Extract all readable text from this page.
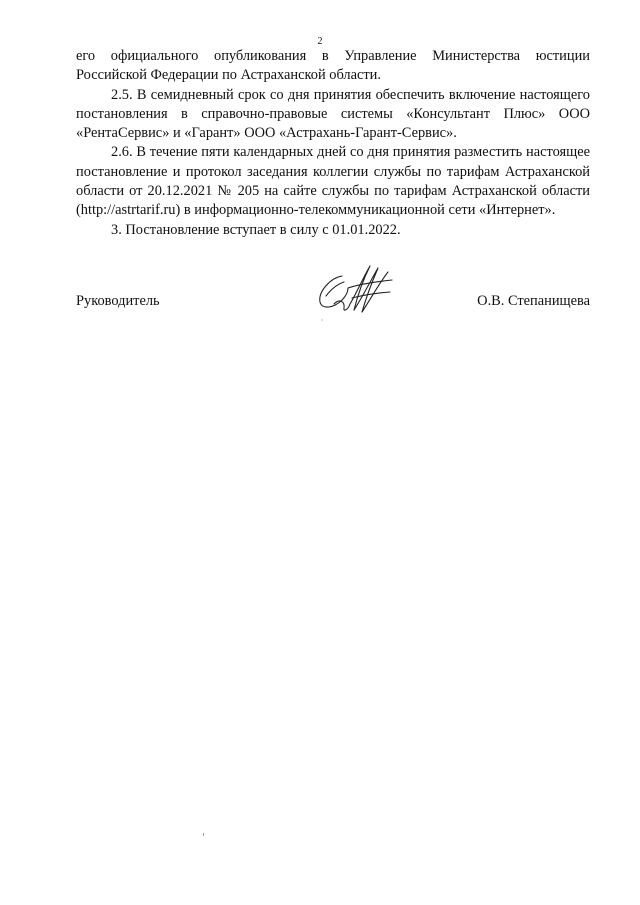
2

его официального опубликования в Управление Министерства юстиции Российской Федерации по Астраханской области.

2.5. В семидневный срок со дня принятия обеспечить включение настоящего постановления в справочно-правовые системы «Консультант Плюс» ООО «РентаСервис» и «Гарант» ООО «Астрахань-Гарант-Сервис».

2.6. В течение пяти календарных дней со дня принятия разместить настоящее постановление и протокол заседания коллегии службы по тарифам Астраханской области от 20.12.2021 № 205 на сайте службы по тарифам Астраханской области (http://astrtarif.ru) в информационно-телекоммуникационной сети «Интернет».

3. Постановление вступает в силу с 01.01.2022.

Руководитель	О.В. Степанищева
